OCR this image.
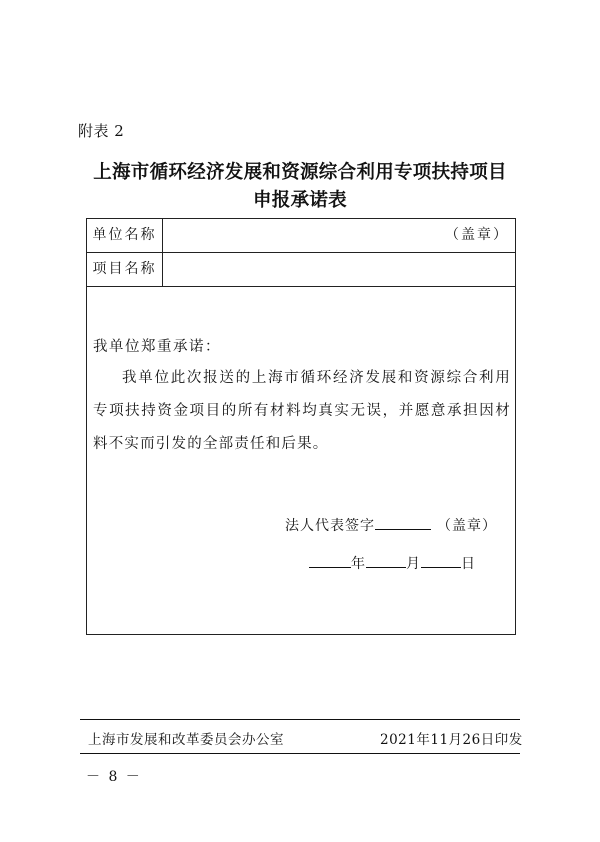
附表 2
上海市循环经济发展和资源综合利用专项扶持项目
申报承诺表
单位名称	（盖章）
项目名称
我单位郑重承诺：
我单位此次报送的上海市循环经济发展和资源综合利用专项扶持资金项目的所有材料均真实无误，并愿意承担因材料不实而引发的全部责任和后果。
法人代表签字	（盖章）
年	月	日
上海市发展和改革委员会办公室	2021年11月26日印发
－ 8 －
